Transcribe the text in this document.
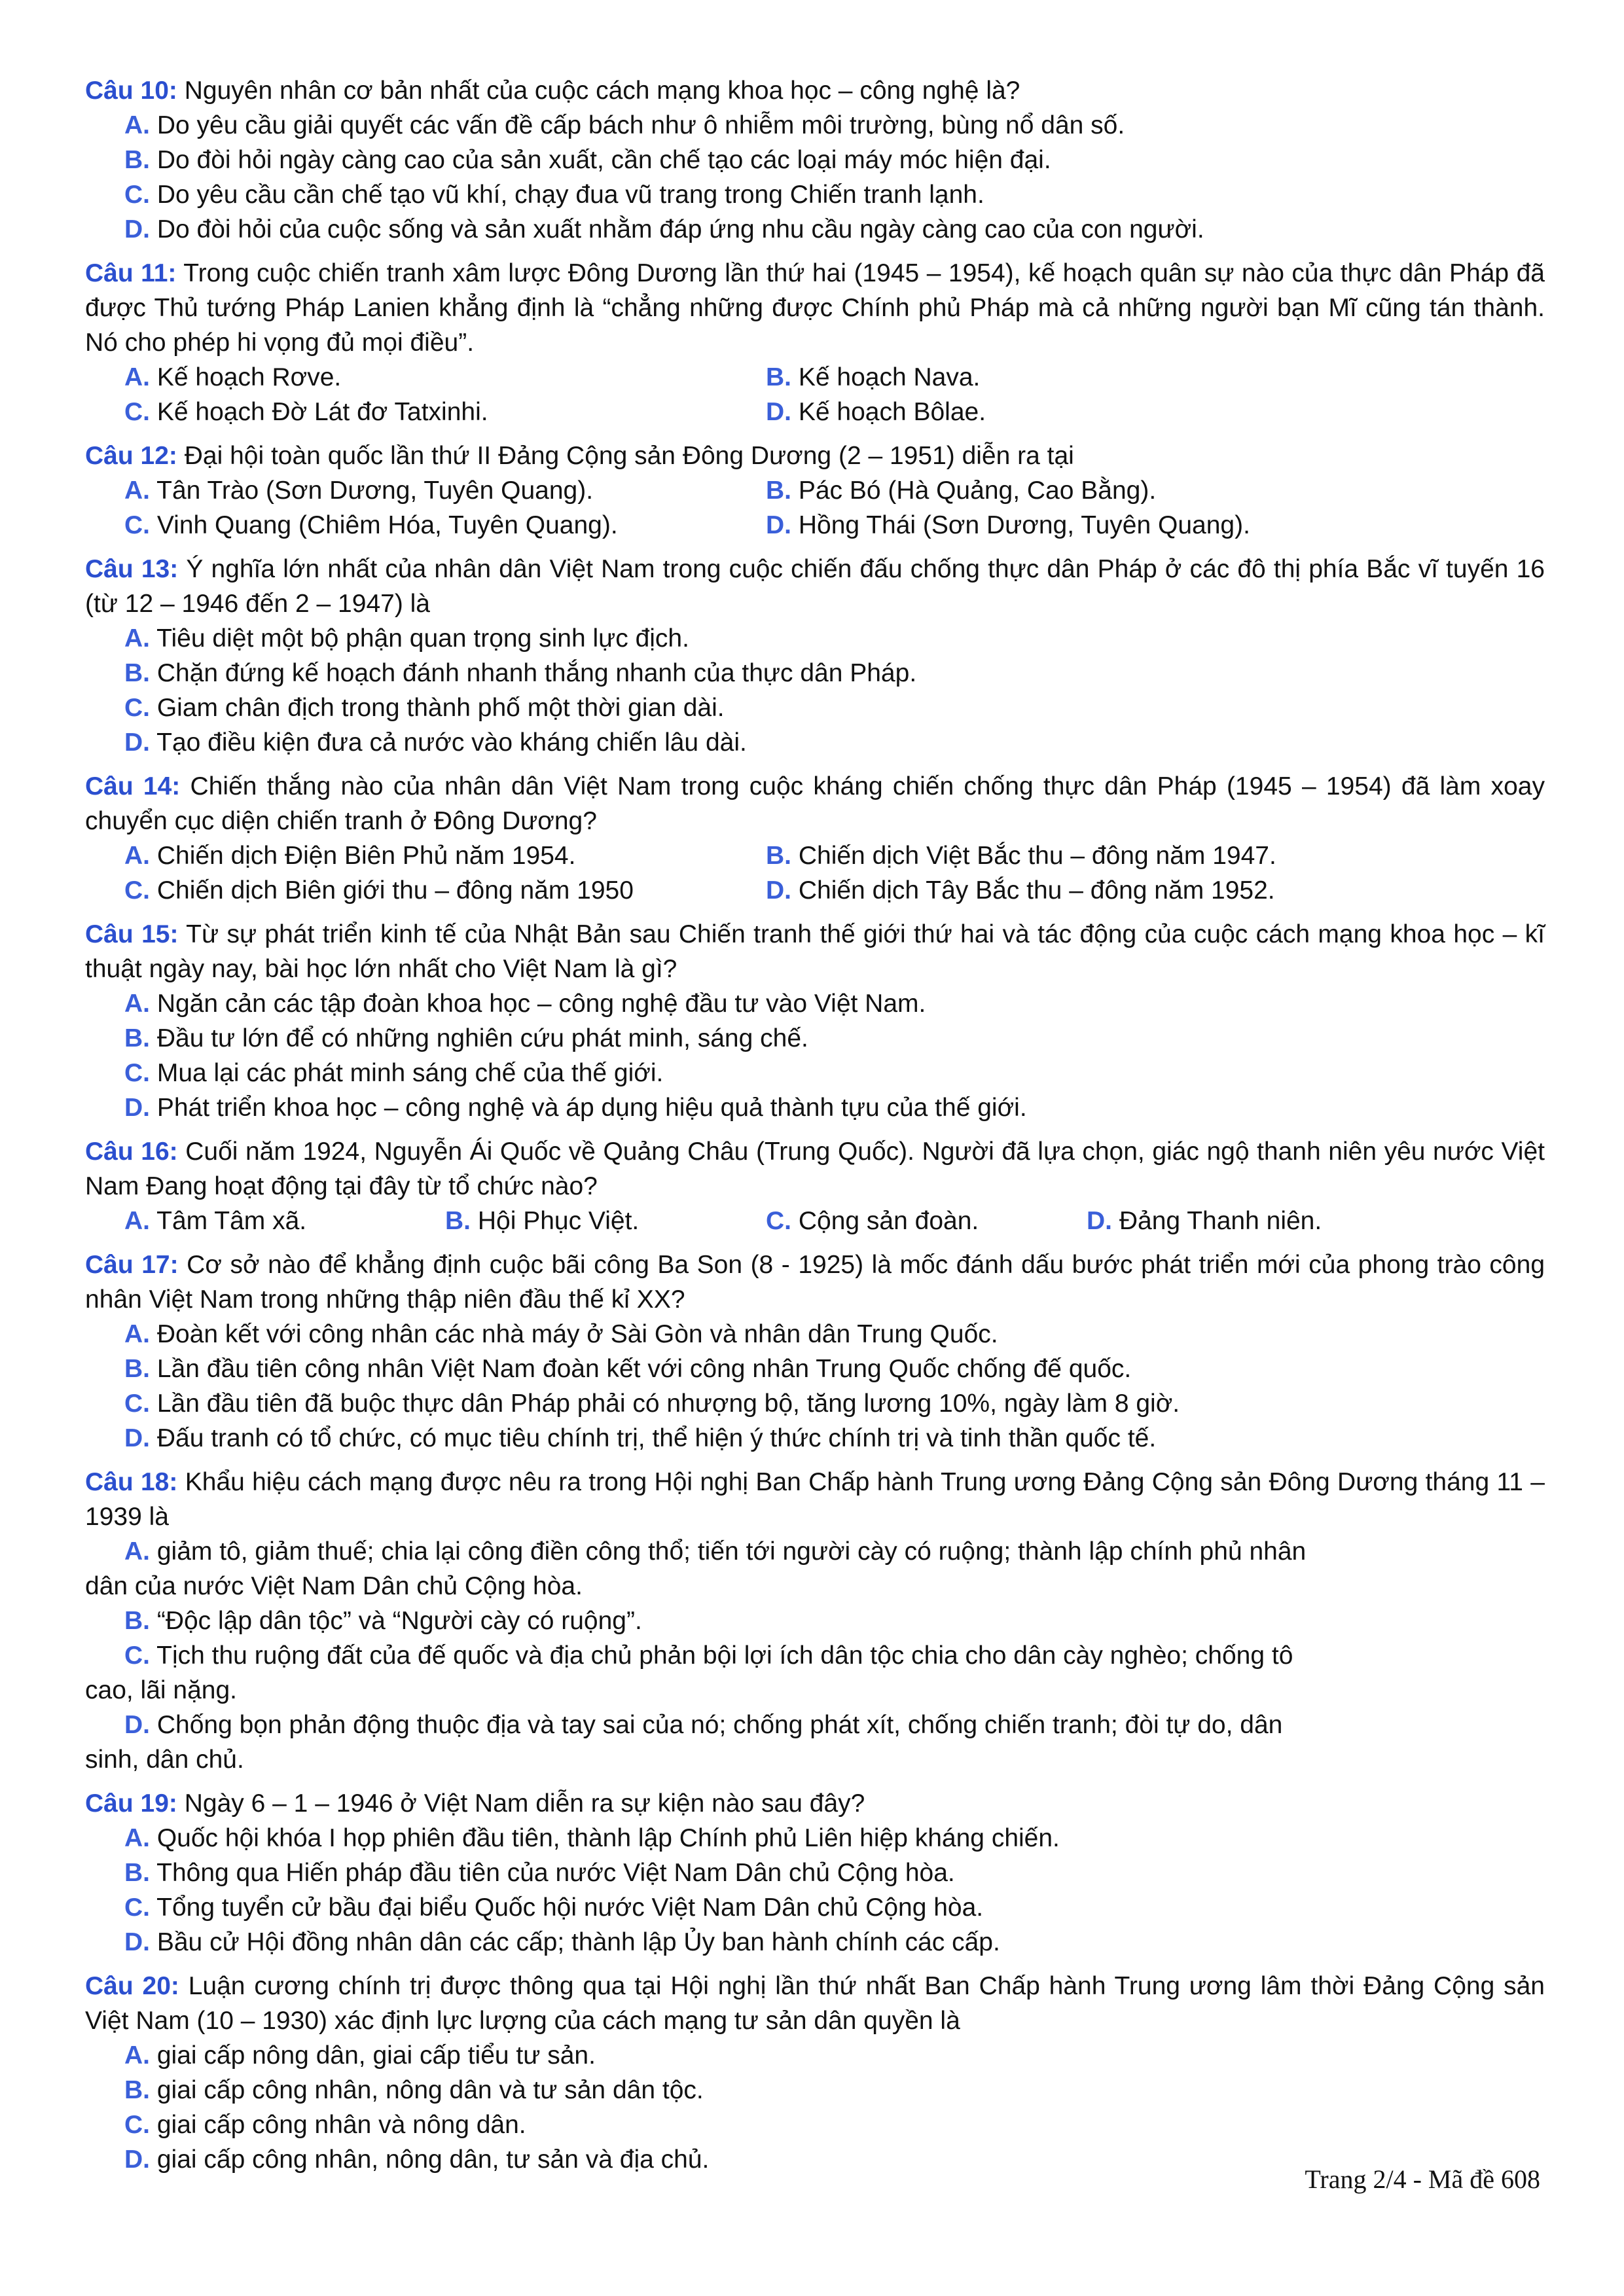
Câu 10: Nguyên nhân cơ bản nhất của cuộc cách mạng khoa học – công nghệ là?
A. Do yêu cầu giải quyết các vấn đề cấp bách như ô nhiễm môi trường, bùng nổ dân số.
B. Do đòi hỏi ngày càng cao của sản xuất, cần chế tạo các loại máy móc hiện đại.
C. Do yêu cầu cần chế tạo vũ khí, chạy đua vũ trang trong Chiến tranh lạnh.
D. Do đòi hỏi của cuộc sống và sản xuất nhằm đáp ứng nhu cầu ngày càng cao của con người.
Câu 11: Trong cuộc chiến tranh xâm lược Đông Dương lần thứ hai (1945 – 1954), kế hoạch quân sự nào của thực dân Pháp đã được Thủ tướng Pháp Lanien khẳng định là “chẳng những được Chính phủ Pháp mà cả những người bạn Mĩ cũng tán thành. Nó cho phép hi vọng đủ mọi điều”.
A. Kế hoạch Rơve.	B. Kế hoạch Nava.
C. Kế hoạch Đờ Lát đơ Tatxinhi.	D. Kế hoạch Bôlae.
Câu 12: Đại hội toàn quốc lần thứ II Đảng Cộng sản Đông Dương (2 – 1951) diễn ra tại
A. Tân Trào (Sơn Dương, Tuyên Quang).	B. Pác Bó (Hà Quảng, Cao Bằng).
C. Vinh Quang (Chiêm Hóa, Tuyên Quang).	D. Hồng Thái (Sơn Dương, Tuyên Quang).
Câu 13: Ý nghĩa lớn nhất của nhân dân Việt Nam trong cuộc chiến đấu chống thực dân Pháp ở các đô thị phía Bắc vĩ tuyến 16 (từ 12 – 1946 đến 2 – 1947) là
A. Tiêu diệt một bộ phận quan trọng sinh lực địch.
B. Chặn đứng kế hoạch đánh nhanh thắng nhanh của thực dân Pháp.
C. Giam chân địch trong thành phố một thời gian dài.
D. Tạo điều kiện đưa cả nước vào kháng chiến lâu dài.
Câu 14: Chiến thắng nào của nhân dân Việt Nam trong cuộc kháng chiến chống thực dân Pháp (1945 – 1954) đã làm xoay chuyển cục diện chiến tranh ở Đông Dương?
A. Chiến dịch Điện Biên Phủ năm 1954.	B. Chiến dịch Việt Bắc thu – đông năm 1947.
C. Chiến dịch Biên giới thu – đông năm 1950	D. Chiến dịch Tây Bắc thu – đông năm 1952.
Câu 15: Từ sự phát triển kinh tế của Nhật Bản sau Chiến tranh thế giới thứ hai và tác động của cuộc cách mạng khoa học – kĩ thuật ngày nay, bài học lớn nhất cho Việt Nam là gì?
A. Ngăn cản các tập đoàn khoa học – công nghệ đầu tư vào Việt Nam.
B. Đầu tư lớn để có những nghiên cứu phát minh, sáng chế.
C. Mua lại các phát minh sáng chế của thế giới.
D. Phát triển khoa học – công nghệ và áp dụng hiệu quả thành tựu của thế giới.
Câu 16: Cuối năm 1924, Nguyễn Ái Quốc về Quảng Châu (Trung Quốc). Người đã lựa chọn, giác ngộ thanh niên yêu nước Việt Nam Đang hoạt động tại đây từ tổ chức nào?
A. Tâm Tâm xã.	B. Hội Phục Việt.	C. Cộng sản đoàn.	D. Đảng Thanh niên.
Câu 17: Cơ sở nào để khẳng định cuộc bãi công Ba Son (8 - 1925) là mốc đánh dấu bước phát triển mới của phong trào công nhân Việt Nam trong những thập niên đầu thế kỉ XX?
A. Đoàn kết với công nhân các nhà máy ở Sài Gòn và nhân dân Trung Quốc.
B. Lần đầu tiên công nhân Việt Nam đoàn kết với công nhân Trung Quốc chống đế quốc.
C. Lần đầu tiên đã buộc thực dân Pháp phải có nhượng bộ, tăng lương 10%, ngày làm 8 giờ.
D. Đấu tranh có tổ chức, có mục tiêu chính trị, thể hiện ý thức chính trị và tinh thần quốc tế.
Câu 18: Khẩu hiệu cách mạng được nêu ra trong Hội nghị Ban Chấp hành Trung ương Đảng Cộng sản Đông Dương tháng 11 – 1939 là
A. giảm tô, giảm thuế; chia lại công điền công thổ; tiến tới người cày có ruộng; thành lập chính phủ nhân
dân của nước Việt Nam Dân chủ Cộng hòa.
B. “Độc lập dân tộc” và “Người cày có ruộng”.
C. Tịch thu ruộng đất của đế quốc và địa chủ phản bội lợi ích dân tộc chia cho dân cày nghèo; chống tô
cao, lãi nặng.
D. Chống bọn phản động thuộc địa và tay sai của nó; chống phát xít, chống chiến tranh; đòi tự do, dân
sinh, dân chủ.
Câu 19: Ngày 6 – 1 – 1946 ở Việt Nam diễn ra sự kiện nào sau đây?
A. Quốc hội khóa I họp phiên đầu tiên, thành lập Chính phủ Liên hiệp kháng chiến.
B. Thông qua Hiến pháp đầu tiên của nước Việt Nam Dân chủ Cộng hòa.
C. Tổng tuyển cử bầu đại biểu Quốc hội nước Việt Nam Dân chủ Cộng hòa.
D. Bầu cử Hội đồng nhân dân các cấp; thành lập Ủy ban hành chính các cấp.
Câu 20: Luận cương chính trị được thông qua tại Hội nghị lần thứ nhất Ban Chấp hành Trung ương lâm thời Đảng Cộng sản Việt Nam (10 – 1930) xác định lực lượng của cách mạng tư sản dân quyền là
A. giai cấp nông dân, giai cấp tiểu tư sản.
B. giai cấp công nhân, nông dân và tư sản dân tộc.
C. giai cấp công nhân và nông dân.
D. giai cấp công nhân, nông dân, tư sản và địa chủ.
Trang 2/4 - Mã đề 608
